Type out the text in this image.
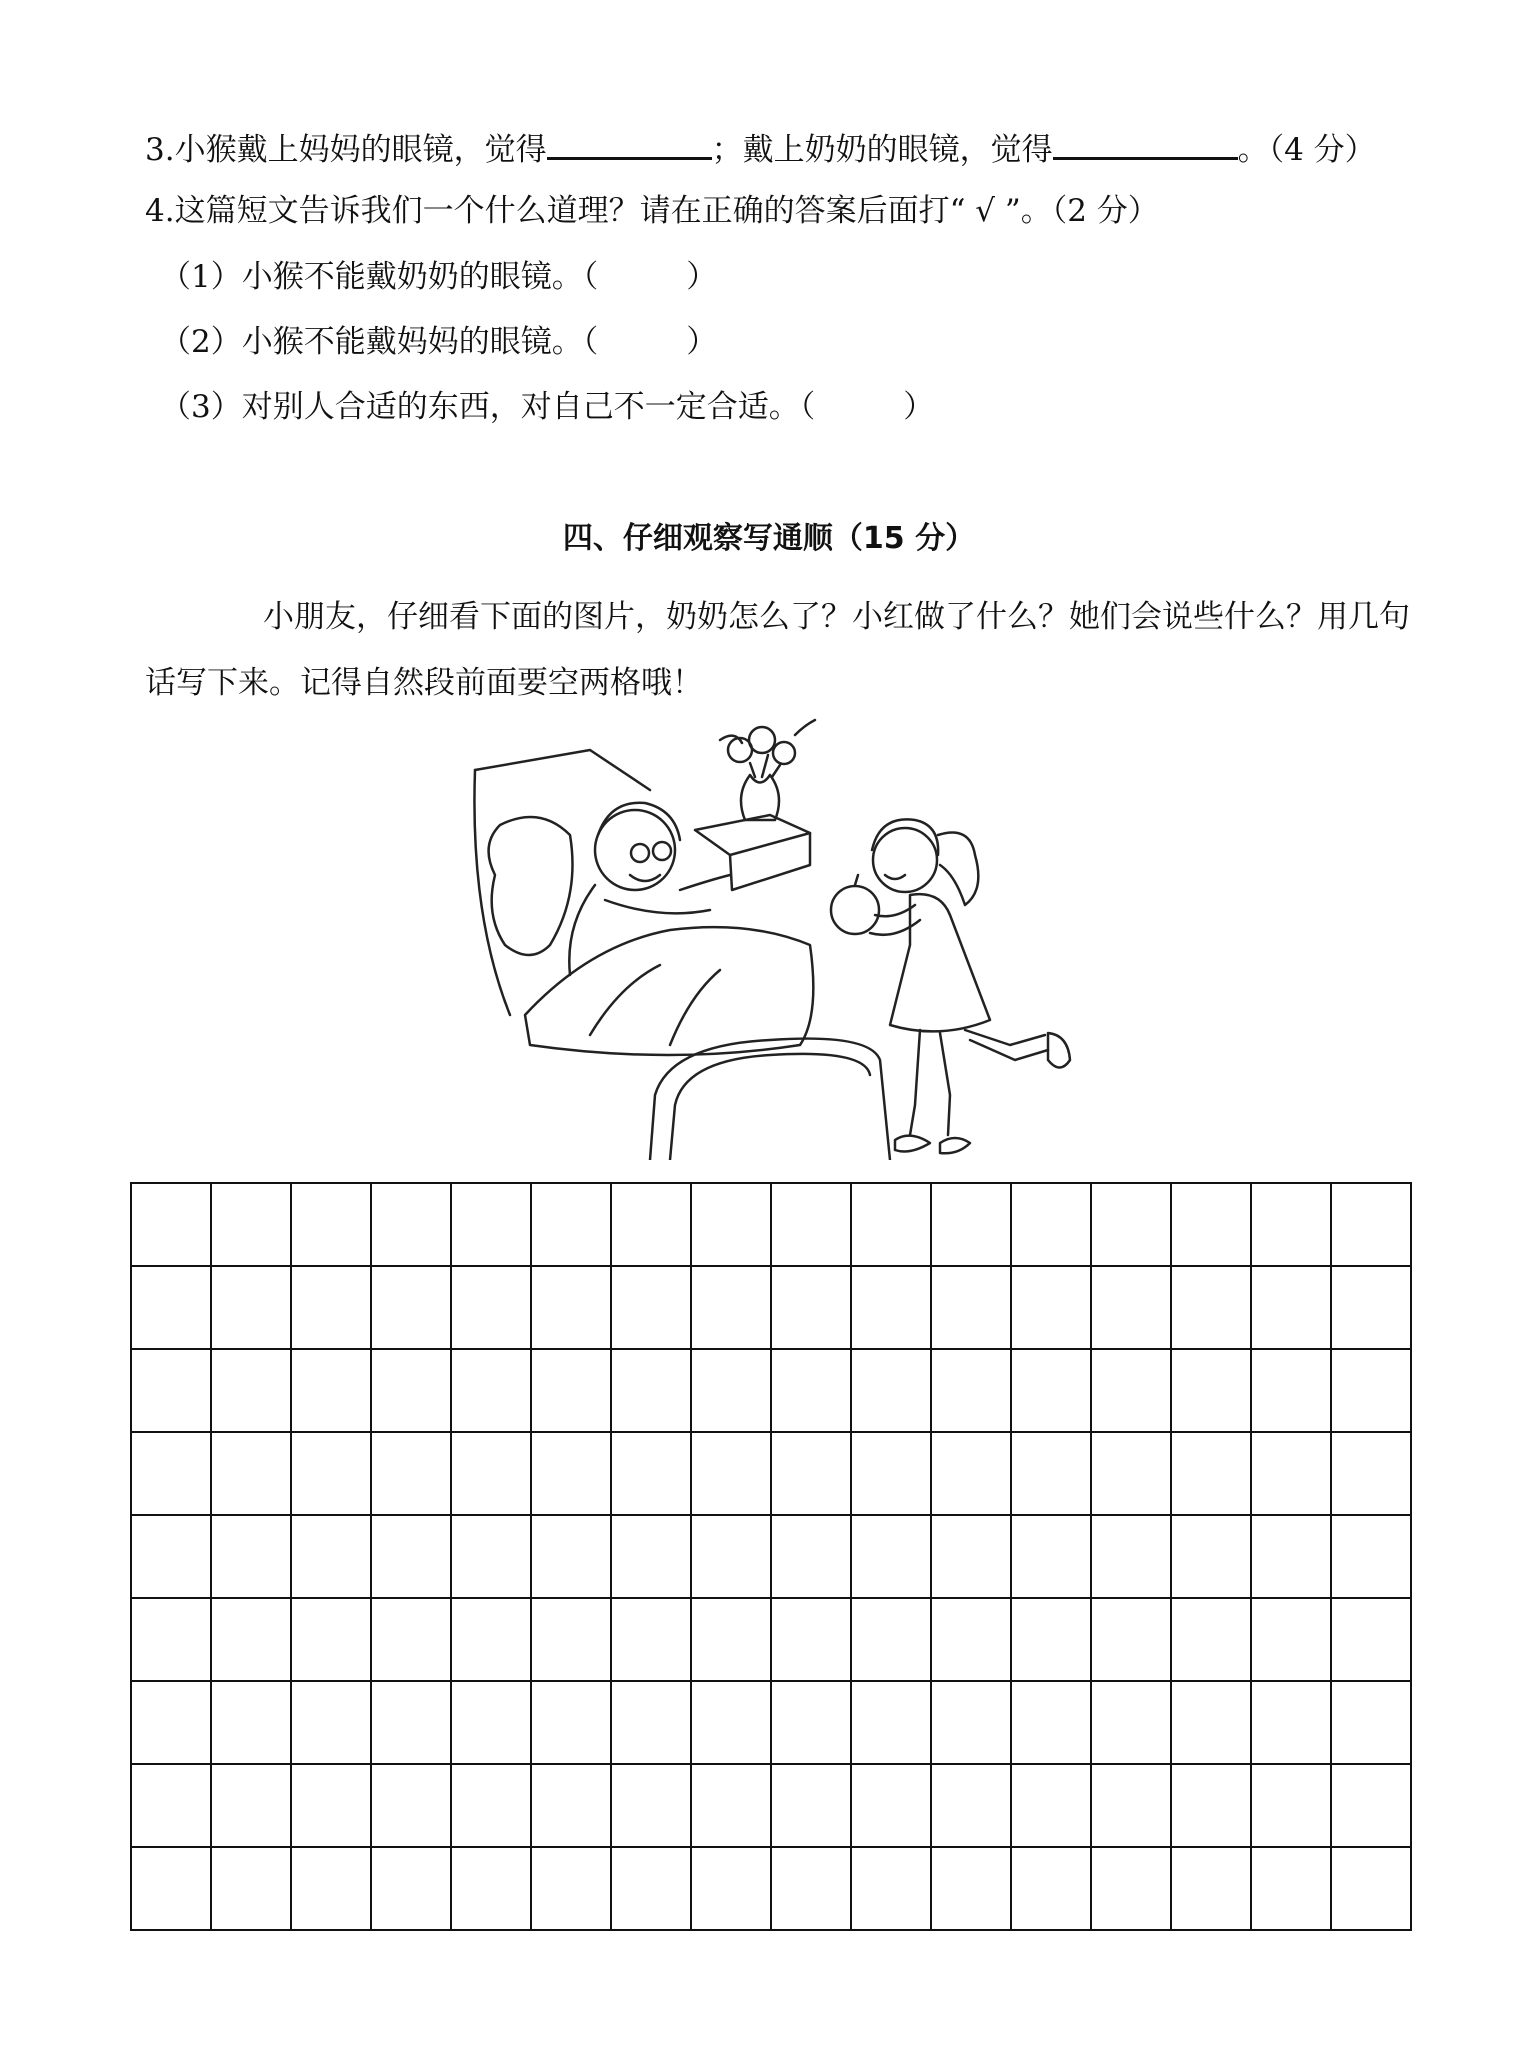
3.小猴戴上妈妈的眼镜，觉得	；戴上奶奶的眼镜，觉得	。（4 分）
4.这篇短文告诉我们一个什么道理？请在正确的答案后面打“ √ ”。（2 分）
（1）小猴不能戴奶奶的眼镜。（	）
（2）小猴不能戴妈妈的眼镜。（	）
（3）对别人合适的东西，对自己不一定合适。（	）
四、仔细观察写通顺（15 分）
小朋友，仔细看下面的图片，奶奶怎么了？小红做了什么？她们会说些什么？用几句话写下来。记得自然段前面要空两格哦！
